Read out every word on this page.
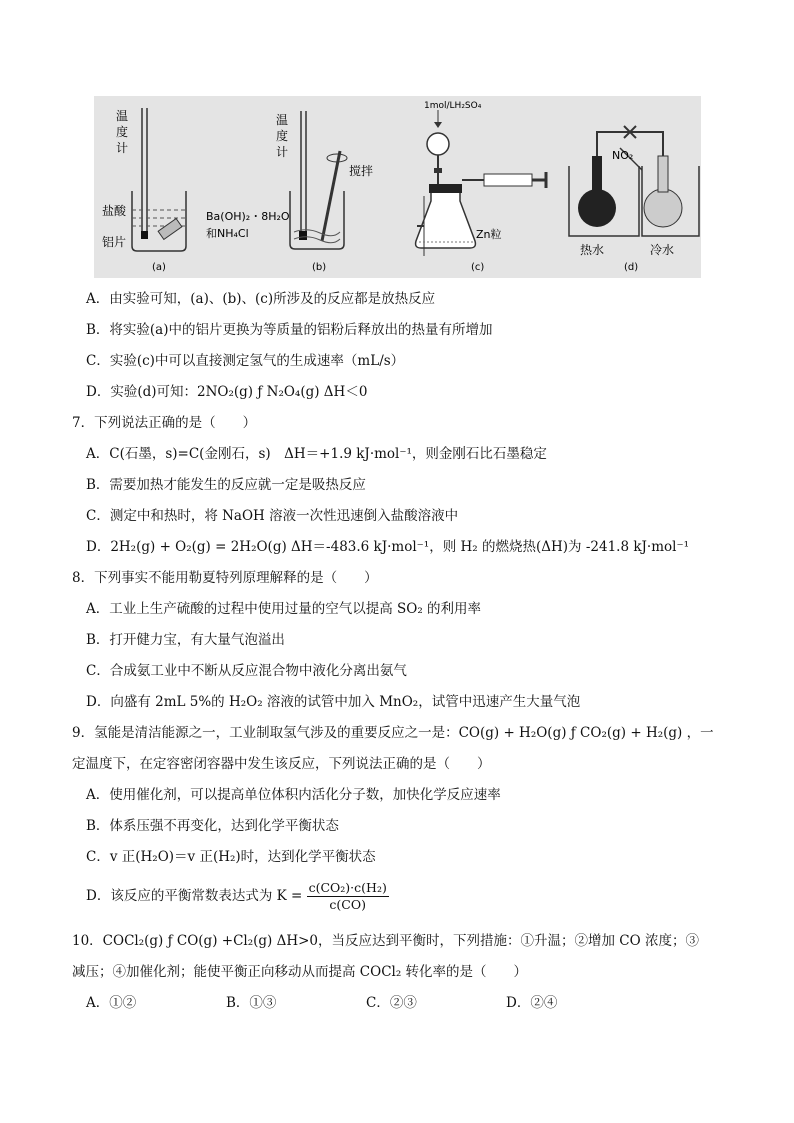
温
度
计
盐酸
铝片
(a)
温
度
计
搅拌
Ba(OH)₂・8H₂O
和NH₄Cl
(b)
1mol/LH₂SO₄
Zn粒
(c)
NO₂
热水	冷水
(d)
A．由实验可知，(a)、(b)、(c)所涉及的反应都是放热反应
B．将实验(a)中的铝片更换为等质量的铝粉后释放出的热量有所增加
C．实验(c)中可以直接测定氢气的生成速率（mL/s）
D．实验(d)可知：2NO₂(g) ƒ N₂O₄(g) ΔH＜0
7．下列说法正确的是（　　）
A．C(石墨，s)=C(金刚石，s)　ΔH＝+1.9 kJ·mol⁻¹，则金刚石比石墨稳定
B．需要加热才能发生的反应就一定是吸热反应
C．测定中和热时，将 NaOH 溶液一次性迅速倒入盐酸溶液中
D．2H₂(g) + O₂(g) = 2H₂O(g) ΔH＝-483.6 kJ·mol⁻¹，则 H₂ 的燃烧热(ΔH)为 -241.8 kJ·mol⁻¹
8．下列事实不能用勒夏特列原理解释的是（　　）
A．工业上生产硫酸的过程中使用过量的空气以提高 SO₂ 的利用率
B．打开健力宝，有大量气泡溢出
C．合成氨工业中不断从反应混合物中液化分离出氨气
D．向盛有 2mL 5%的 H₂O₂ 溶液的试管中加入 MnO₂，试管中迅速产生大量气泡
9．氢能是清洁能源之一，工业制取氢气涉及的重要反应之一是：CO(g) + H₂O(g) ƒ CO₂(g) + H₂(g) ，一
定温度下，在定容密闭容器中发生该反应，下列说法正确的是（　　）
A．使用催化剂，可以提高单位体积内活化分子数，加快化学反应速率
B．体系压强不再变化，达到化学平衡状态
C．v 正(H₂O)＝v 正(H₂)时，达到化学平衡状态
D．该反应的平衡常数表达式为 $K = \frac{\text{c(CO₂)·c(H₂)}}{c(CO)}$
10．COCl₂(g) ƒ CO(g) +Cl₂(g) ΔH>0，当反应达到平衡时，下列措施：①升温；②增加 CO 浓度；③
减压；④加催化剂；能使平衡正向移动从而提高 COCl₂ 转化率的是（　　）
A．①②	B．①③	C．②③	D．②④
